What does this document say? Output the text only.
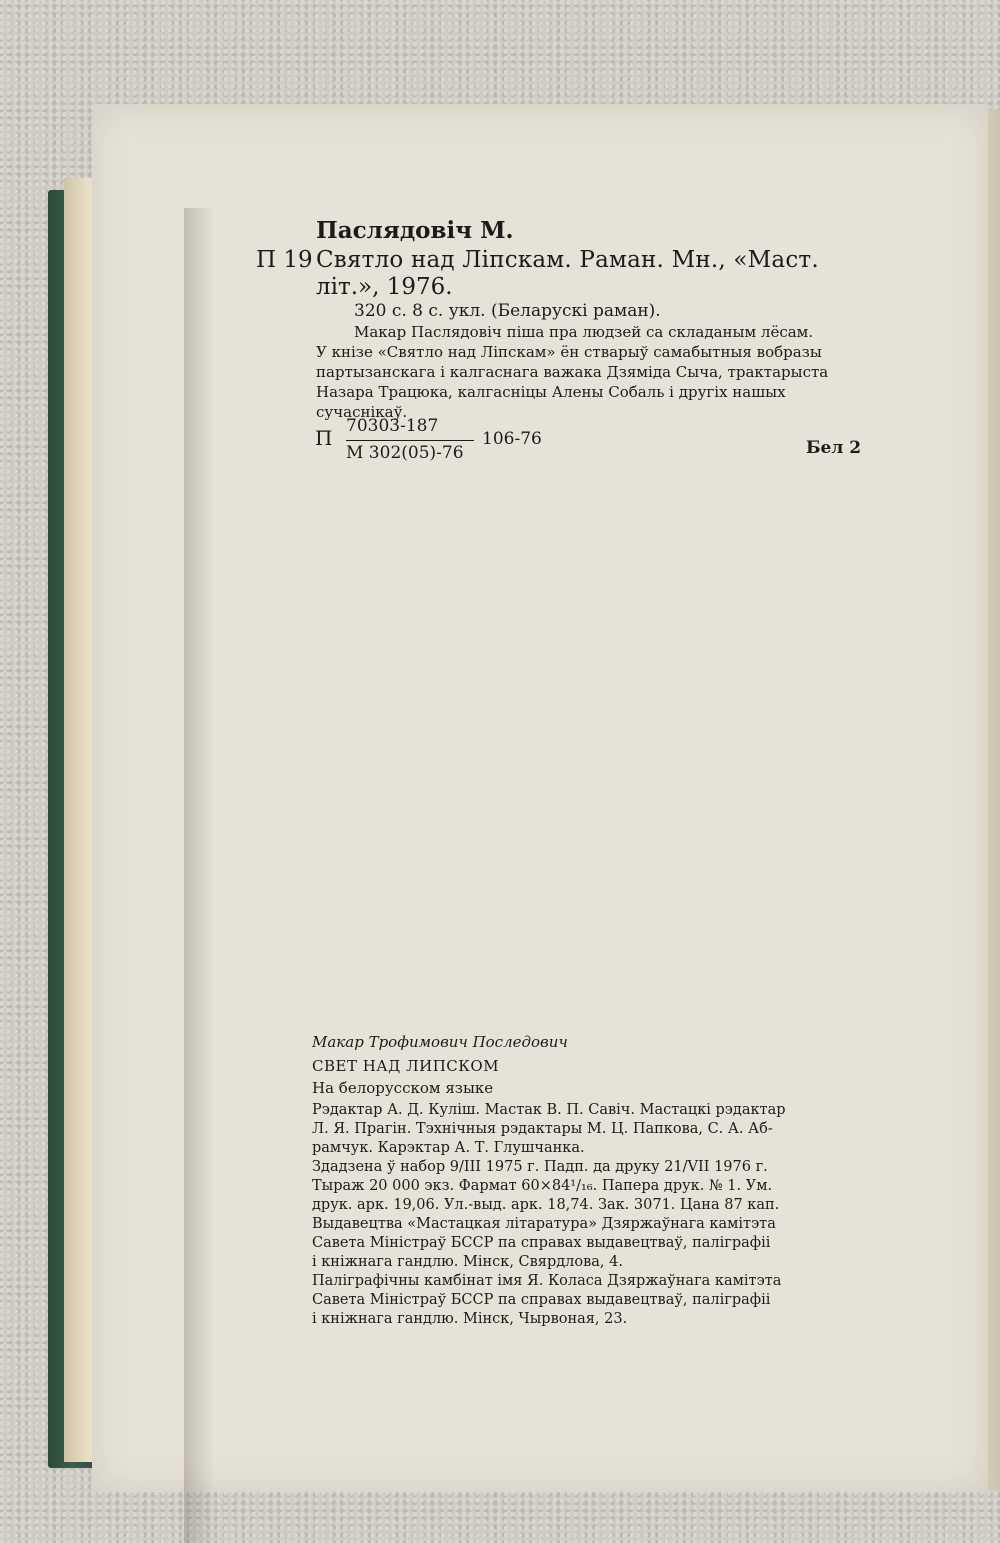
Паслядовіч М.
П 19 Святло над Ліпскам. Раман. Мн., «Маст.
літ.», 1976.
320 с. 8 с. укл. (Беларускі раман).
Макар Паслядовіч піша пра людзей са складаным лёсам.
У кнізе «Святло над Ліпскам» ён стварыў самабытныя вобразы
партызанскага і калгаснага важака Дзяміда Сыча, трактарыста
Назара Трацюка, калгасніцы Алены Собаль і другіх нашых
сучаснікаў.
П 70303-187
М 302(05)-76
106-76	Бел 2
Макар Трофимович Последович
СВЕТ НАД ЛИПСКОМ
На белорусском языке
Рэдактар А. Д. Куліш. Мастак В. П. Савіч. Мастацкі рэдактар
Л. Я. Прагін. Тэхнічныя рэдактары М. Ц. Папкова, С. А. Аб-
рамчук. Карэктар А. Т. Глушчанка.
Здадзена ў набор 9/III 1975 г. Падп. да друку 21/VII 1976 г.
Тыраж 20 000 экз. Фармат 60×84¹/₁₆. Папера друк. № 1. Ум.
друк. арк. 19,06. Ул.-выд. арк. 18,74. Зак. 3071. Цана 87 кап.
Выдавецтва «Мастацкая літаратура» Дзяржаўнага камітэта
Савета Міністраў БССР па справах выдавецтваў, паліграфіі
і кніжнага гандлю. Мінск, Свярдлова, 4.
Паліграфічны камбінат імя Я. Коласа Дзяржаўнага камітэта
Савета Міністраў БССР па справах выдавецтваў, паліграфіі
і кніжнага гандлю. Мінск, Чырвоная, 23.
